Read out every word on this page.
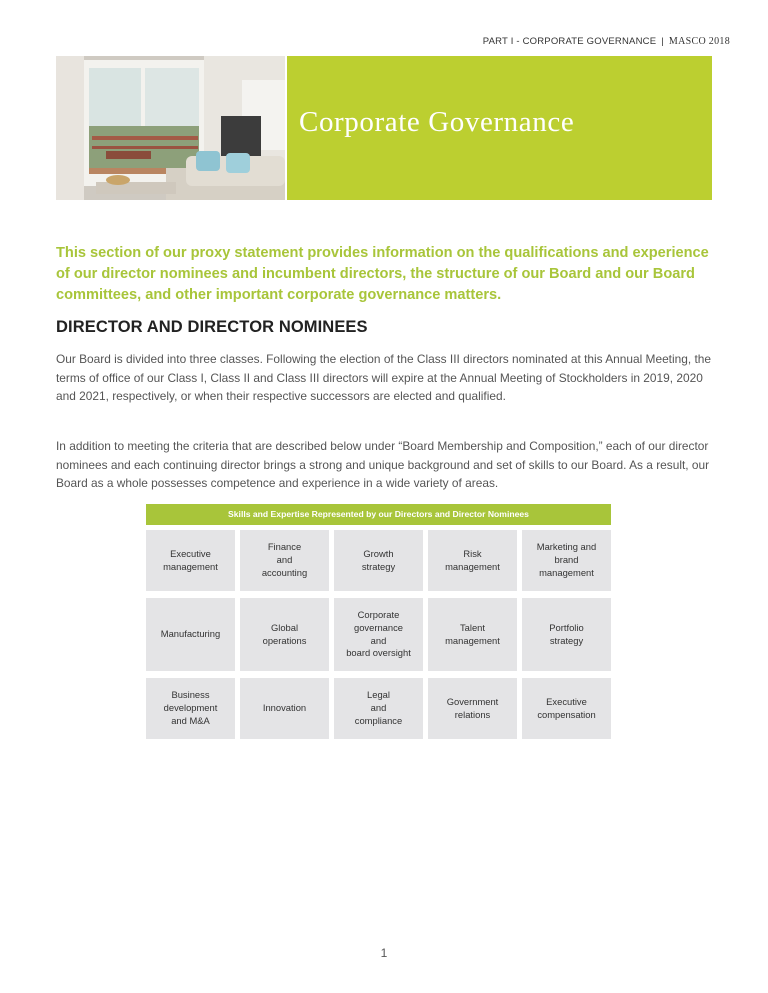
PART I - CORPORATE GOVERNANCE | MASCO 2018
Corporate Governance
This section of our proxy statement provides information on the qualifications and experience of our director nominees and incumbent directors, the structure of our Board and our Board committees, and other important corporate governance matters.
DIRECTOR AND DIRECTOR NOMINEES
Our Board is divided into three classes. Following the election of the Class III directors nominated at this Annual Meeting, the terms of office of our Class I, Class II and Class III directors will expire at the Annual Meeting of Stockholders in 2019, 2020 and 2021, respectively, or when their respective successors are elected and qualified.
In addition to meeting the criteria that are described below under “Board Membership and Composition,” each of our director nominees and each continuing director brings a strong and unique background and set of skills to our Board. As a result, our Board as a whole possesses competence and experience in a wide variety of areas.
Skills and Expertise Represented by our Directors and Director Nominees
Executive
management
Finance
and
accounting
Growth
strategy
Risk
management
Marketing and
brand
management
Manufacturing
Global
operations
Corporate
governance
and
board oversight
Talent
management
Portfolio
strategy
Business
development
and M&A
Innovation
Legal
and
compliance
Government
relations
Executive
compensation
1
